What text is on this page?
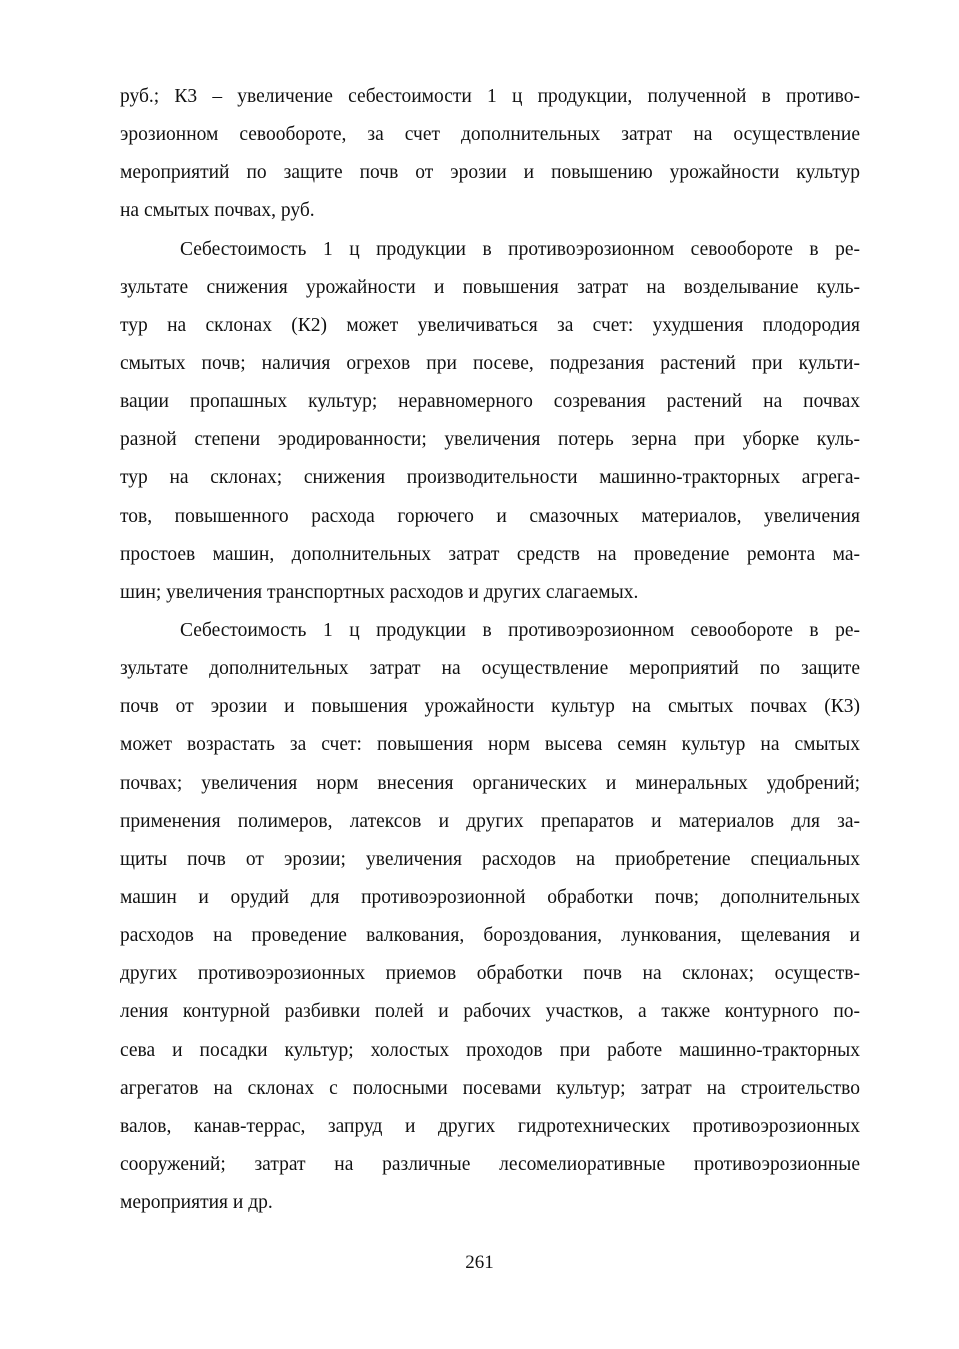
руб.; К3 – увеличение себестоимости 1 ц продукции, полученной в противо-
эрозионном севообороте, за счет дополнительных затрат на осуществление
мероприятий по защите почв от эрозии и повышению урожайности культур
на смытых почвах, руб.
Себестоимость 1 ц продукции в противоэрозионном севообороте в ре-
зультате снижения урожайности и повышения затрат на возделывание куль-
тур на склонах (К2) может увеличиваться за счет: ухудшения плодородия
смытых почв; наличия огрехов при посеве, подрезания растений при культи-
вации пропашных культур; неравномерного созревания растений на почвах
разной степени эродированности; увеличения потерь зерна при уборке куль-
тур на склонах; снижения производительности машинно-тракторных агрега-
тов, повышенного расхода горючего и смазочных материалов, увеличения
простоев машин, дополнительных затрат средств на проведение ремонта ма-
шин; увеличения транспортных расходов и других слагаемых.
Себестоимость 1 ц продукции в противоэрозионном севообороте в ре-
зультате дополнительных затрат на осуществление мероприятий по защите
почв от эрозии и повышения урожайности культур на смытых почвах (К3)
может возрастать за счет: повышения норм высева семян культур на смытых
почвах; увеличения норм внесения органических и минеральных удобрений;
применения полимеров, латексов и других препаратов и материалов для за-
щиты почв от эрозии; увеличения расходов на приобретение специальных
машин и орудий для противоэрозионной обработки почв; дополнительных
расходов на проведение валкования, бороздования, лункования, щелевания и
других противоэрозионных приемов обработки почв на склонах; осуществ-
ления контурной разбивки полей и рабочих участков, а также контурного по-
сева и посадки культур; холостых проходов при работе машинно-тракторных
агрегатов на склонах с полосными посевами культур; затрат на строительство
валов, канав-террас, запруд и других гидротехнических противоэрозионных
сооружений; затрат на различные лесомелиоративные противоэрозионные
мероприятия и др.
261
